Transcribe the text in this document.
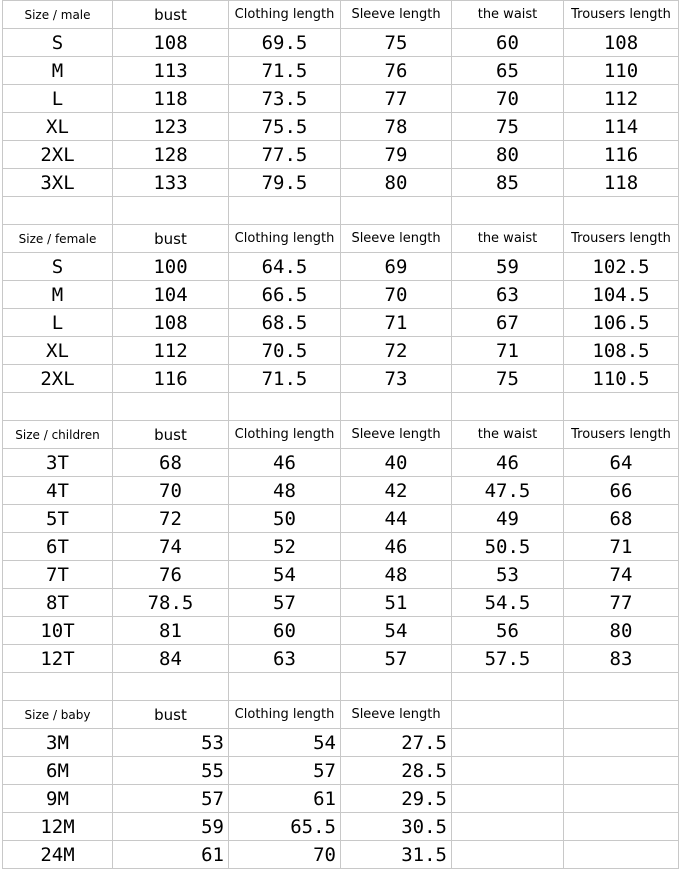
Size / male	bust	Clothing length	Sleeve length	the waist	Trousers length
S	108	69.5	75	60	108
M	113	71.5	76	65	110
L	118	73.5	77	70	112
XL	123	75.5	78	75	114
2XL	128	77.5	79	80	116
3XL	133	79.5	80	85	118

Size / female	bust	Clothing length	Sleeve length	the waist	Trousers length
S	100	64.5	69	59	102.5
M	104	66.5	70	63	104.5
L	108	68.5	71	67	106.5
XL	112	70.5	72	71	108.5
2XL	116	71.5	73	75	110.5

Size / children	bust	Clothing length	Sleeve length	the waist	Trousers length
3T	68	46	40	46	64
4T	70	48	42	47.5	66
5T	72	50	44	49	68
6T	74	52	46	50.5	71
7T	76	54	48	53	74
8T	78.5	57	51	54.5	77
10T	81	60	54	56	80
12T	84	63	57	57.5	83

Size / baby	bust	Clothing length	Sleeve length		
3M	53	54	27.5		
6M	55	57	28.5		
9M	57	61	29.5		
12M	59	65.5	30.5		
24M	61	70	31.5		
